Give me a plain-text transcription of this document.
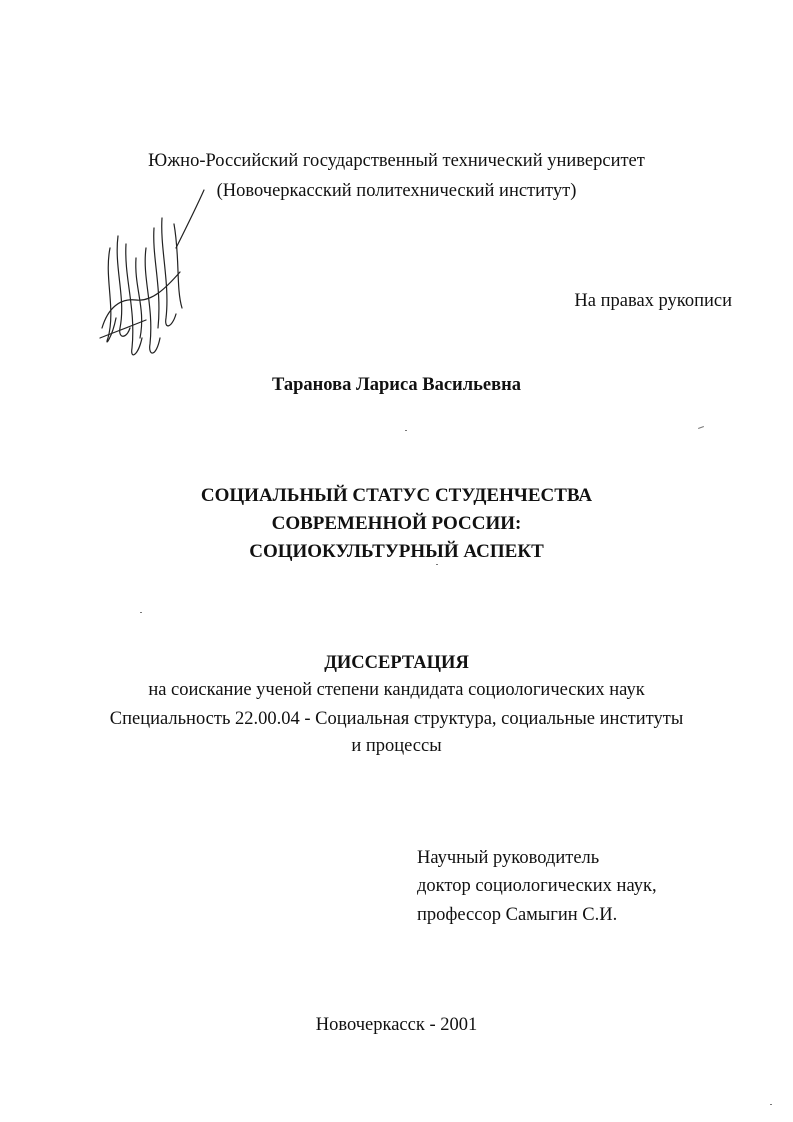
Южно-Российский государственный технический университет
(Новочеркасский политехнический институт)
На правах рукописи
Таранова Лариса Васильевна
СОЦИАЛЬНЫЙ СТАТУС СТУДЕНЧЕСТВА
СОВРЕМЕННОЙ РОССИИ:
СОЦИОКУЛЬТУРНЫЙ АСПЕКТ
ДИССЕРТАЦИЯ
на соискание ученой степени кандидата социологических наук
Специальность 22.00.04 - Социальная структура, социальные институты
и процессы
Научный руководитель
доктор социологических наук,
профессор Самыгин С.И.
Новочеркасск - 2001
